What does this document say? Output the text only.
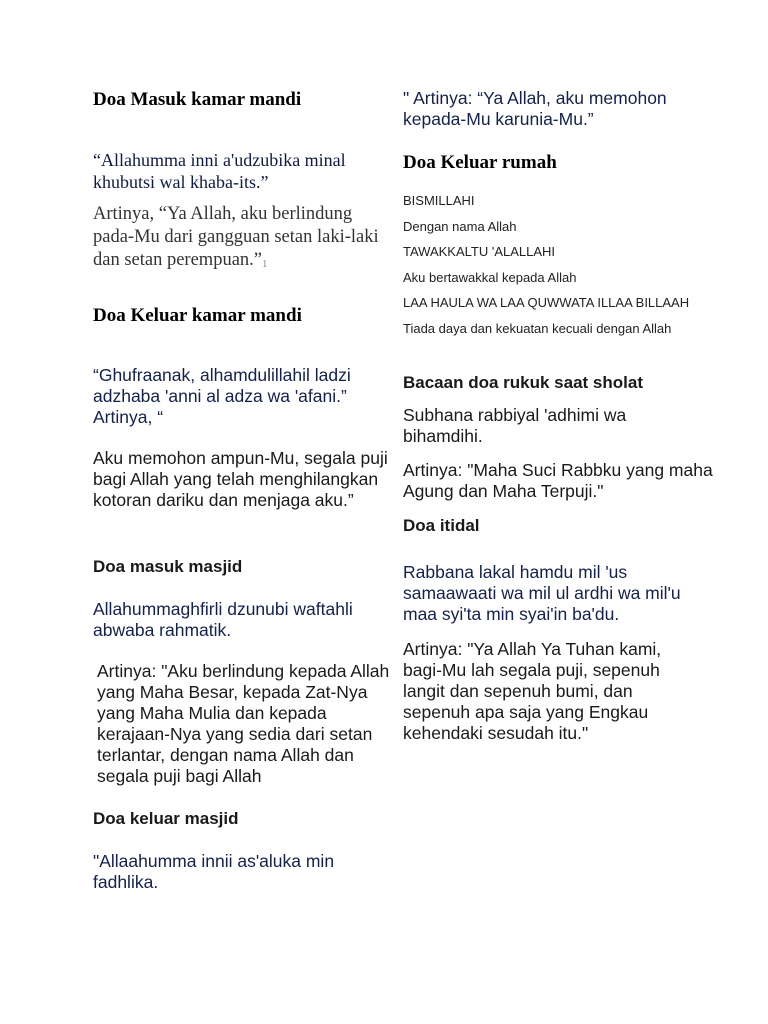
Doa Masuk kamar mandi

“Allahumma inni a'udzubika minal khubutsi wal khaba-its.”

Artinya, “Ya Allah, aku berlindung pada-Mu dari gangguan setan laki-laki dan setan perempuan.”1

Doa Keluar kamar mandi

“Ghufraanak, alhamdulillahil ladzi adzhaba 'anni al adza wa 'afani.”
Artinya, “

Aku memohon ampun-Mu, segala puji bagi Allah yang telah menghilangkan kotoran dariku dan menjaga aku.”

Doa masuk masjid

Allahummaghfirli dzunubi waftahli abwaba rahmatik.

Artinya: "Aku berlindung kepada Allah yang Maha Besar, kepada Zat-Nya yang Maha Mulia dan kepada kerajaan-Nya yang sedia dari setan terlantar, dengan nama Allah dan segala puji bagi Allah

Doa keluar masjid

"Allaahumma innii as'aluka min fadhlika.

" Artinya: “Ya Allah, aku memohon kepada-Mu karunia-Mu.”

Doa Keluar rumah
BISMILLAHI
Dengan nama Allah
TAWAKKALTU 'ALALLAHI
Aku bertawakkal kepada Allah
LAA HAULA WA LAA QUWWATA ILLAA BILLAAH
Tiada daya dan kekuatan kecuali dengan Allah
Bacaan doa rukuk saat sholat

Subhana rabbiyal 'adhimi wa bihamdihi.

Artinya: "Maha Suci Rabbku yang maha Agung dan Maha Terpuji."

Doa itidal

Rabbana lakal hamdu mil 'us samaawaati wa mil ul ardhi wa mil'u maa syi'ta min syai'in ba'du.

Artinya: "Ya Allah Ya Tuhan kami, bagi-Mu lah segala puji, sepenuh langit dan sepenuh bumi, dan sepenuh apa saja yang Engkau kehendaki sesudah itu."
